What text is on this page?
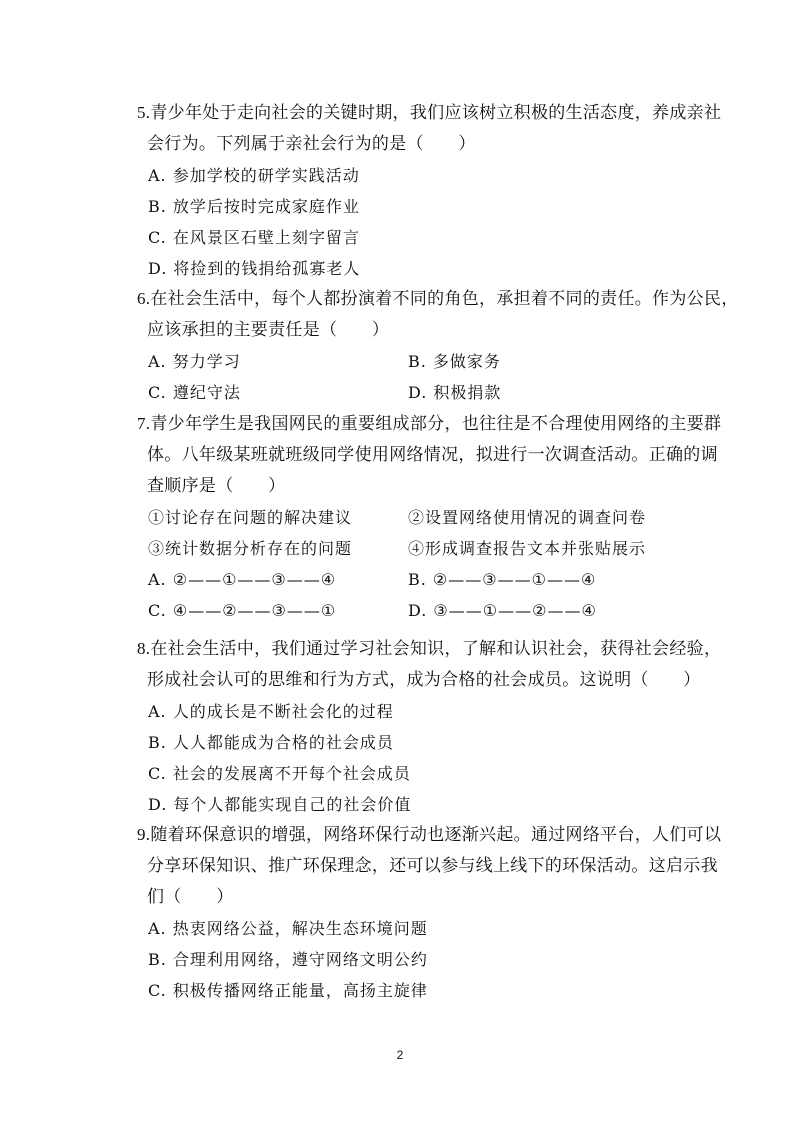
5.青少年处于走向社会的关键时期，我们应该树立积极的生活态度，养成亲社
会行为。下列属于亲社会行为的是（　　）
A. 参加学校的研学实践活动
B. 放学后按时完成家庭作业
C. 在风景区石壁上刻字留言
D. 将捡到的钱捐给孤寡老人
6.在社会生活中，每个人都扮演着不同的角色，承担着不同的责任。作为公民，
应该承担的主要责任是（　　）
A. 努力学习	B. 多做家务
C. 遵纪守法	D. 积极捐款
7.青少年学生是我国网民的重要组成部分，也往往是不合理使用网络的主要群
体。八年级某班就班级同学使用网络情况，拟进行一次调查活动。正确的调
查顺序是（　　）
①讨论存在问题的解决建议	②设置网络使用情况的调查问卷
③统计数据分析存在的问题	④形成调查报告文本并张贴展示
A. ②——①——③——④	B. ②——③——①——④
C. ④——②——③——①	D. ③——①——②——④
8.在社会生活中，我们通过学习社会知识，了解和认识社会，获得社会经验，
形成社会认可的思维和行为方式，成为合格的社会成员。这说明（　　）
A. 人的成长是不断社会化的过程
B. 人人都能成为合格的社会成员
C. 社会的发展离不开每个社会成员
D. 每个人都能实现自己的社会价值
9.随着环保意识的增强，网络环保行动也逐渐兴起。通过网络平台，人们可以
分享环保知识、推广环保理念，还可以参与线上线下的环保活动。这启示我
们（　　）
A. 热衷网络公益，解决生态环境问题
B. 合理利用网络，遵守网络文明公约
C. 积极传播网络正能量，高扬主旋律
2
